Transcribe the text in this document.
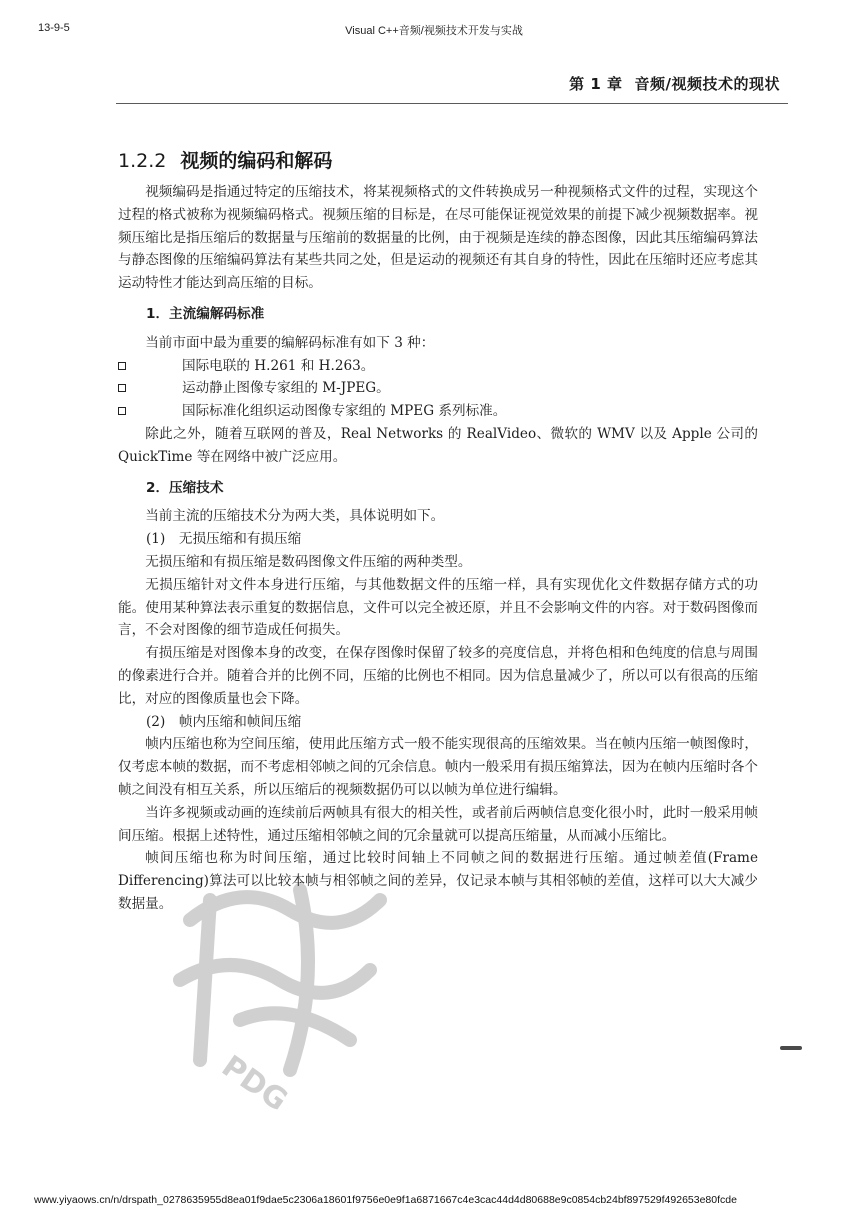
13-9-5	Visual C++音频/视频技术开发与实战
第 1 章 音频/视频技术的现状
1.2.2 视频的编码和解码

视频编码是指通过特定的压缩技术，将某视频格式的文件转换成另一种视频格式文件的过程，实现这个过程的格式被称为视频编码格式。视频压缩的目标是，在尽可能保证视觉效果的前提下减少视频数据率。视频压缩比是指压缩后的数据量与压缩前的数据量的比例，由于视频是连续的静态图像，因此其压缩编码算法与静态图像的压缩编码算法有某些共同之处，但是运动的视频还有其自身的特性，因此在压缩时还应考虑其运动特性才能达到高压缩的目标。

1．主流编解码标准

当前市面中最为重要的编解码标准有如下 3 种：

国际电联的 H.261 和 H.263。
运动静止图像专家组的 M-JPEG。
国际标准化组织运动图像专家组的 MPEG 系列标准。

除此之外，随着互联网的普及，Real Networks 的 RealVideo、微软的 WMV 以及 Apple 公司的 QuickTime 等在网络中被广泛应用。

2．压缩技术

当前主流的压缩技术分为两大类，具体说明如下。

(1)　无损压缩和有损压缩

无损压缩和有损压缩是数码图像文件压缩的两种类型。

无损压缩针对文件本身进行压缩，与其他数据文件的压缩一样，具有实现优化文件数据存储方式的功能。使用某种算法表示重复的数据信息，文件可以完全被还原，并且不会影响文件的内容。对于数码图像而言，不会对图像的细节造成任何损失。

有损压缩是对图像本身的改变，在保存图像时保留了较多的亮度信息，并将色相和色纯度的信息与周围的像素进行合并。随着合并的比例不同，压缩的比例也不相同。因为信息量减少了，所以可以有很高的压缩比，对应的图像质量也会下降。

(2)　帧内压缩和帧间压缩

帧内压缩也称为空间压缩，使用此压缩方式一般不能实现很高的压缩效果。当在帧内压缩一帧图像时，仅考虑本帧的数据，而不考虑相邻帧之间的冗余信息。帧内一般采用有损压缩算法，因为在帧内压缩时各个帧之间没有相互关系，所以压缩后的视频数据仍可以以帧为单位进行编辑。

当许多视频或动画的连续前后两帧具有很大的相关性，或者前后两帧信息变化很小时，此时一般采用帧间压缩。根据上述特性，通过压缩相邻帧之间的冗余量就可以提高压缩量，从而减小压缩比。

帧间压缩也称为时间压缩，通过比较时间轴上不同帧之间的数据进行压缩。通过帧差值(Frame Differencing)算法可以比较本帧与相邻帧之间的差异，仅记录本帧与其相邻帧的差值，这样可以大大减少数据量。

PDG
www.yiyaows.cn/n/drspath_0278635955d8ea01f9dae5c2306a18601f9756e0e9f1a6871667c4e3cac44d4d80688e9c0854cb24bf897529f492653e80fcde
